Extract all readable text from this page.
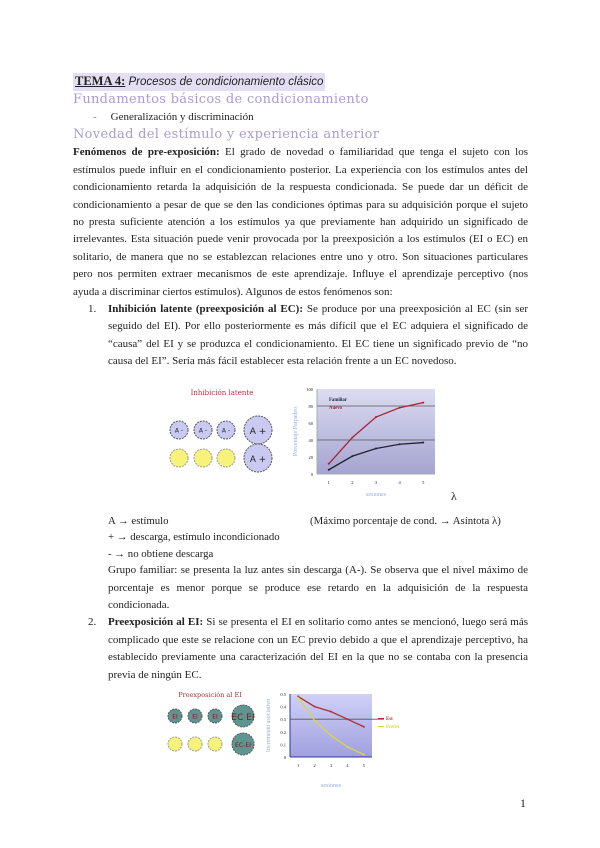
TEMA 4: Procesos de condicionamiento clásico
Fundamentos básicos de condicionamiento
- Generalización y discriminación
Novedad del estímulo y experiencia anterior
Fenómenos de pre-exposición: El grado de novedad o familiaridad que tenga el sujeto con los estímulos puede influir en el condicionamiento posterior. La experiencia con los estímulos antes del condicionamiento retarda la adquisición de la respuesta condicionada. Se puede dar un déficit de condicionamiento a pesar de que se den las condiciones óptimas para su adquisición porque el sujeto no presta suficiente atención a los estímulos ya que previamente han adquirido un significado de irrelevantes. Esta situación puede venir provocada por la preexposición a los estímulos (EI o EC) en solitario, de manera que no se establezcan relaciones entre uno y otro. Son situaciones particulares pero nos permiten extraer mecanismos de este aprendizaje. Influye el aprendizaje perceptivo (nos ayuda a discriminar ciertos estímulos). Algunos de estos fenómenos son:
1. Inhibición latente (preexposición al EC): Se produce por una preexposición al EC (sin ser seguido del EI). Por ello posteriormente es más difícil que el EC adquiera el significado de “causa” del EI y se produzca el condicionamiento. El EC tiene un significado previo de “no causa del EI”. Sería más fácil establecer esta relación frente a un EC novedoso.
Inhibición latente
A -	A - A - A +
A +
0
20
40
60
80
100
1	2	3	4	5
sesiones
Porcentaje Parpadeo
Familiar
Nuevo
λ
A → estímulo	(Máximo porcentaje de cond. → Asíntota λ)
+ → descarga, estímulo incondicionado
- → no obtiene descarga
Grupo familiar: se presenta la luz antes sin descarga (A-). Se observa que el nivel máximo de porcentaje es menor porque se produce ese retardo en la adquisición de la respuesta condicionada.
2. Preexposición al EI: Si se presenta el EI en solitario como antes se mencionó, luego será más complicado que este se relacione con un EC previo debido a que el aprendizaje perceptivo, ha establecido previamente una caracterización del EI en la que no se contaba con la presencia previa de ningún EC.
Preexposición al EI
EI EI EI EC EI
EC-EI
0
0.1
0.2
0.3
0.4
0.5
1	2	3	4	5
sesiones
Incremento asociativo	Est
Prefex
1
